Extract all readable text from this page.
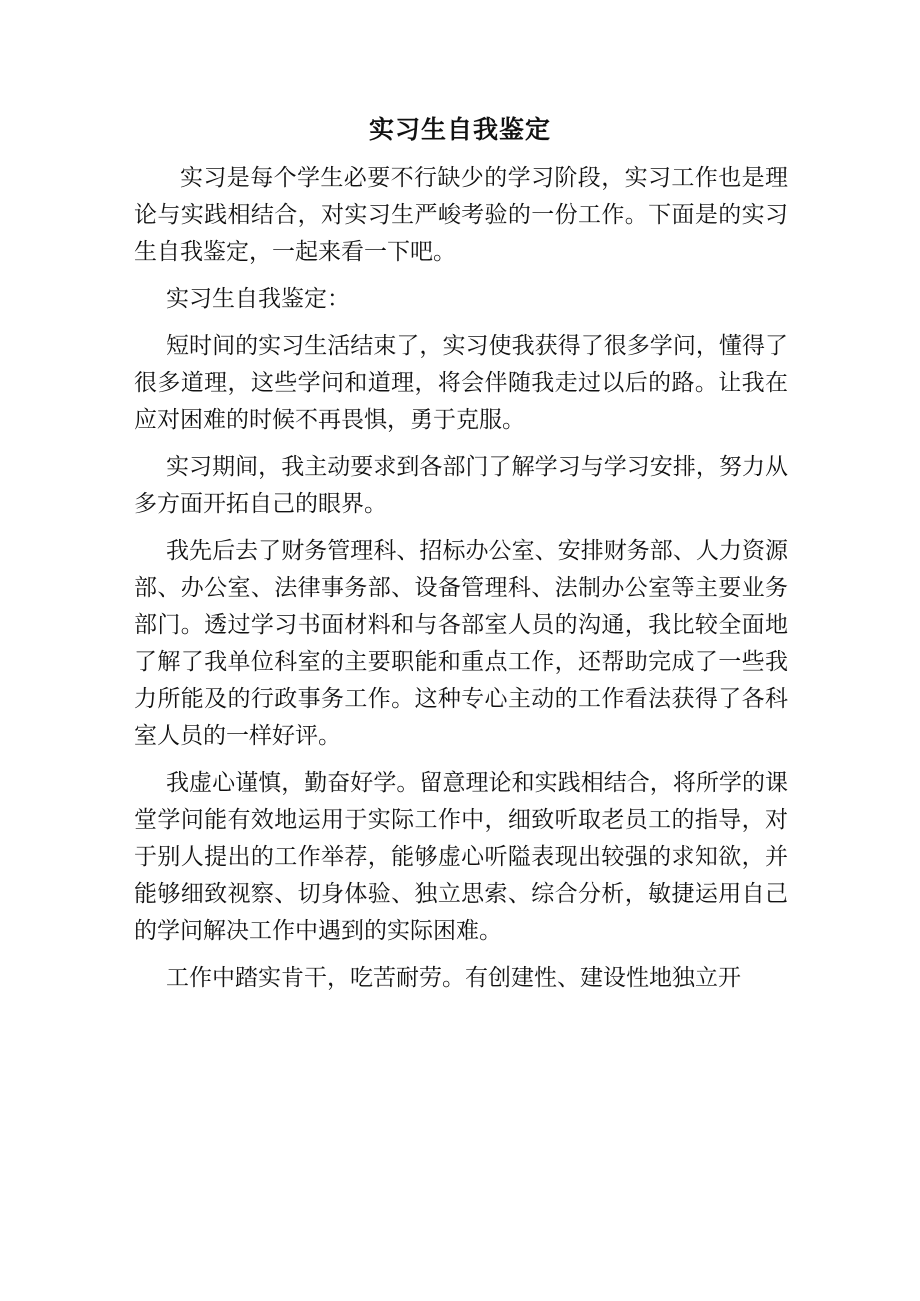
实习生自我鉴定

实习是每个学生必要不行缺少的学习阶段，实习工作也是理论与实践相结合，对实习生严峻考验的一份工作。下面是的实习生自我鉴定，一起来看一下吧。

实习生自我鉴定：

短时间的实习生活结束了，实习使我获得了很多学问，懂得了很多道理，这些学问和道理，将会伴随我走过以后的路。让我在应对困难的时候不再畏惧，勇于克服。

实习期间，我主动要求到各部门了解学习与学习安排，努力从多方面开拓自己的眼界。

我先后去了财务管理科、招标办公室、安排财务部、人力资源部、办公室、法律事务部、设备管理科、法制办公室等主要业务部门。透过学习书面材料和与各部室人员的沟通，我比较全面地了解了我单位科室的主要职能和重点工作，还帮助完成了一些我力所能及的行政事务工作。这种专心主动的工作看法获得了各科室人员的一样好评。

我虚心谨慎，勤奋好学。留意理论和实践相结合，将所学的课堂学问能有效地运用于实际工作中，细致听取老员工的指导，对于别人提出的工作举荐，能够虚心听隘表现出较强的求知欲，并能够细致视察、切身体验、独立思索、综合分析，敏捷运用自己的学问解决工作中遇到的实际困难。

工作中踏实肯干，吃苦耐劳。有创建性、建设性地独立开
